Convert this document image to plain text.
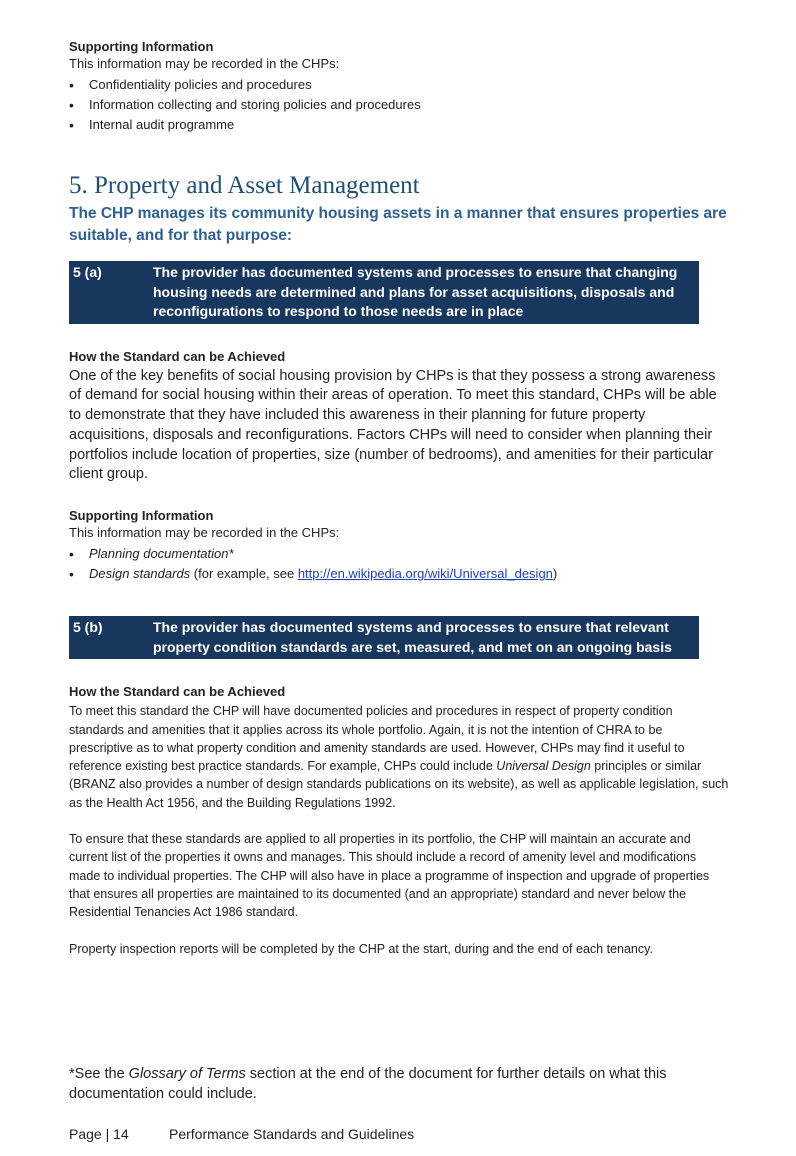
Supporting Information

This information may be recorded in the CHPs:

• Confidentiality policies and procedures
• Information collecting and storing policies and procedures
• Internal audit programme
5. Property and Asset Management

The CHP manages its community housing assets in a manner that ensures properties are suitable, and for that purpose:

5 (a)	The provider has documented systems and processes to ensure that changing housing needs are determined and plans for asset acquisitions, disposals and reconfigurations to respond to those needs are in place

How the Standard can be Achieved

One of the key benefits of social housing provision by CHPs is that they possess a strong awareness of demand for social housing within their areas of operation. To meet this standard, CHPs will be able to demonstrate that they have included this awareness in their planning for future property acquisitions, disposals and reconfigurations. Factors CHPs will need to consider when planning their portfolios include location of properties, size (number of bedrooms), and amenities for their particular client group.

Supporting Information

This information may be recorded in the CHPs:

• Planning documentation*
• Design standards (for example, see http://en.wikipedia.org/wiki/Universal_design)
5 (b)	The provider has documented systems and processes to ensure that relevant property condition standards are set, measured, and met on an ongoing basis

How the Standard can be Achieved

To meet this standard the CHP will have documented policies and procedures in respect of property condition standards and amenities that it applies across its whole portfolio. Again, it is not the intention of CHRA to be prescriptive as to what property condition and amenity standards are used. However, CHPs may find it useful to reference existing best practice standards. For example, CHPs could include Universal Design principles or similar (BRANZ also provides a number of design standards publications on its website), as well as applicable legislation, such as the Health Act 1956, and the Building Regulations 1992.

To ensure that these standards are applied to all properties in its portfolio, the CHP will maintain an accurate and current list of the properties it owns and manages. This should include a record of amenity level and modifications made to individual properties. The CHP will also have in place a programme of inspection and upgrade of properties that ensures all properties are maintained to its documented (and an appropriate) standard and never below the Residential Tenancies Act 1986 standard.

Property inspection reports will be completed by the CHP at the start, during and the end of each tenancy.

*See the Glossary of Terms section at the end of the document for further details on what this documentation could include.
Page | 14	Performance Standards and Guidelines
